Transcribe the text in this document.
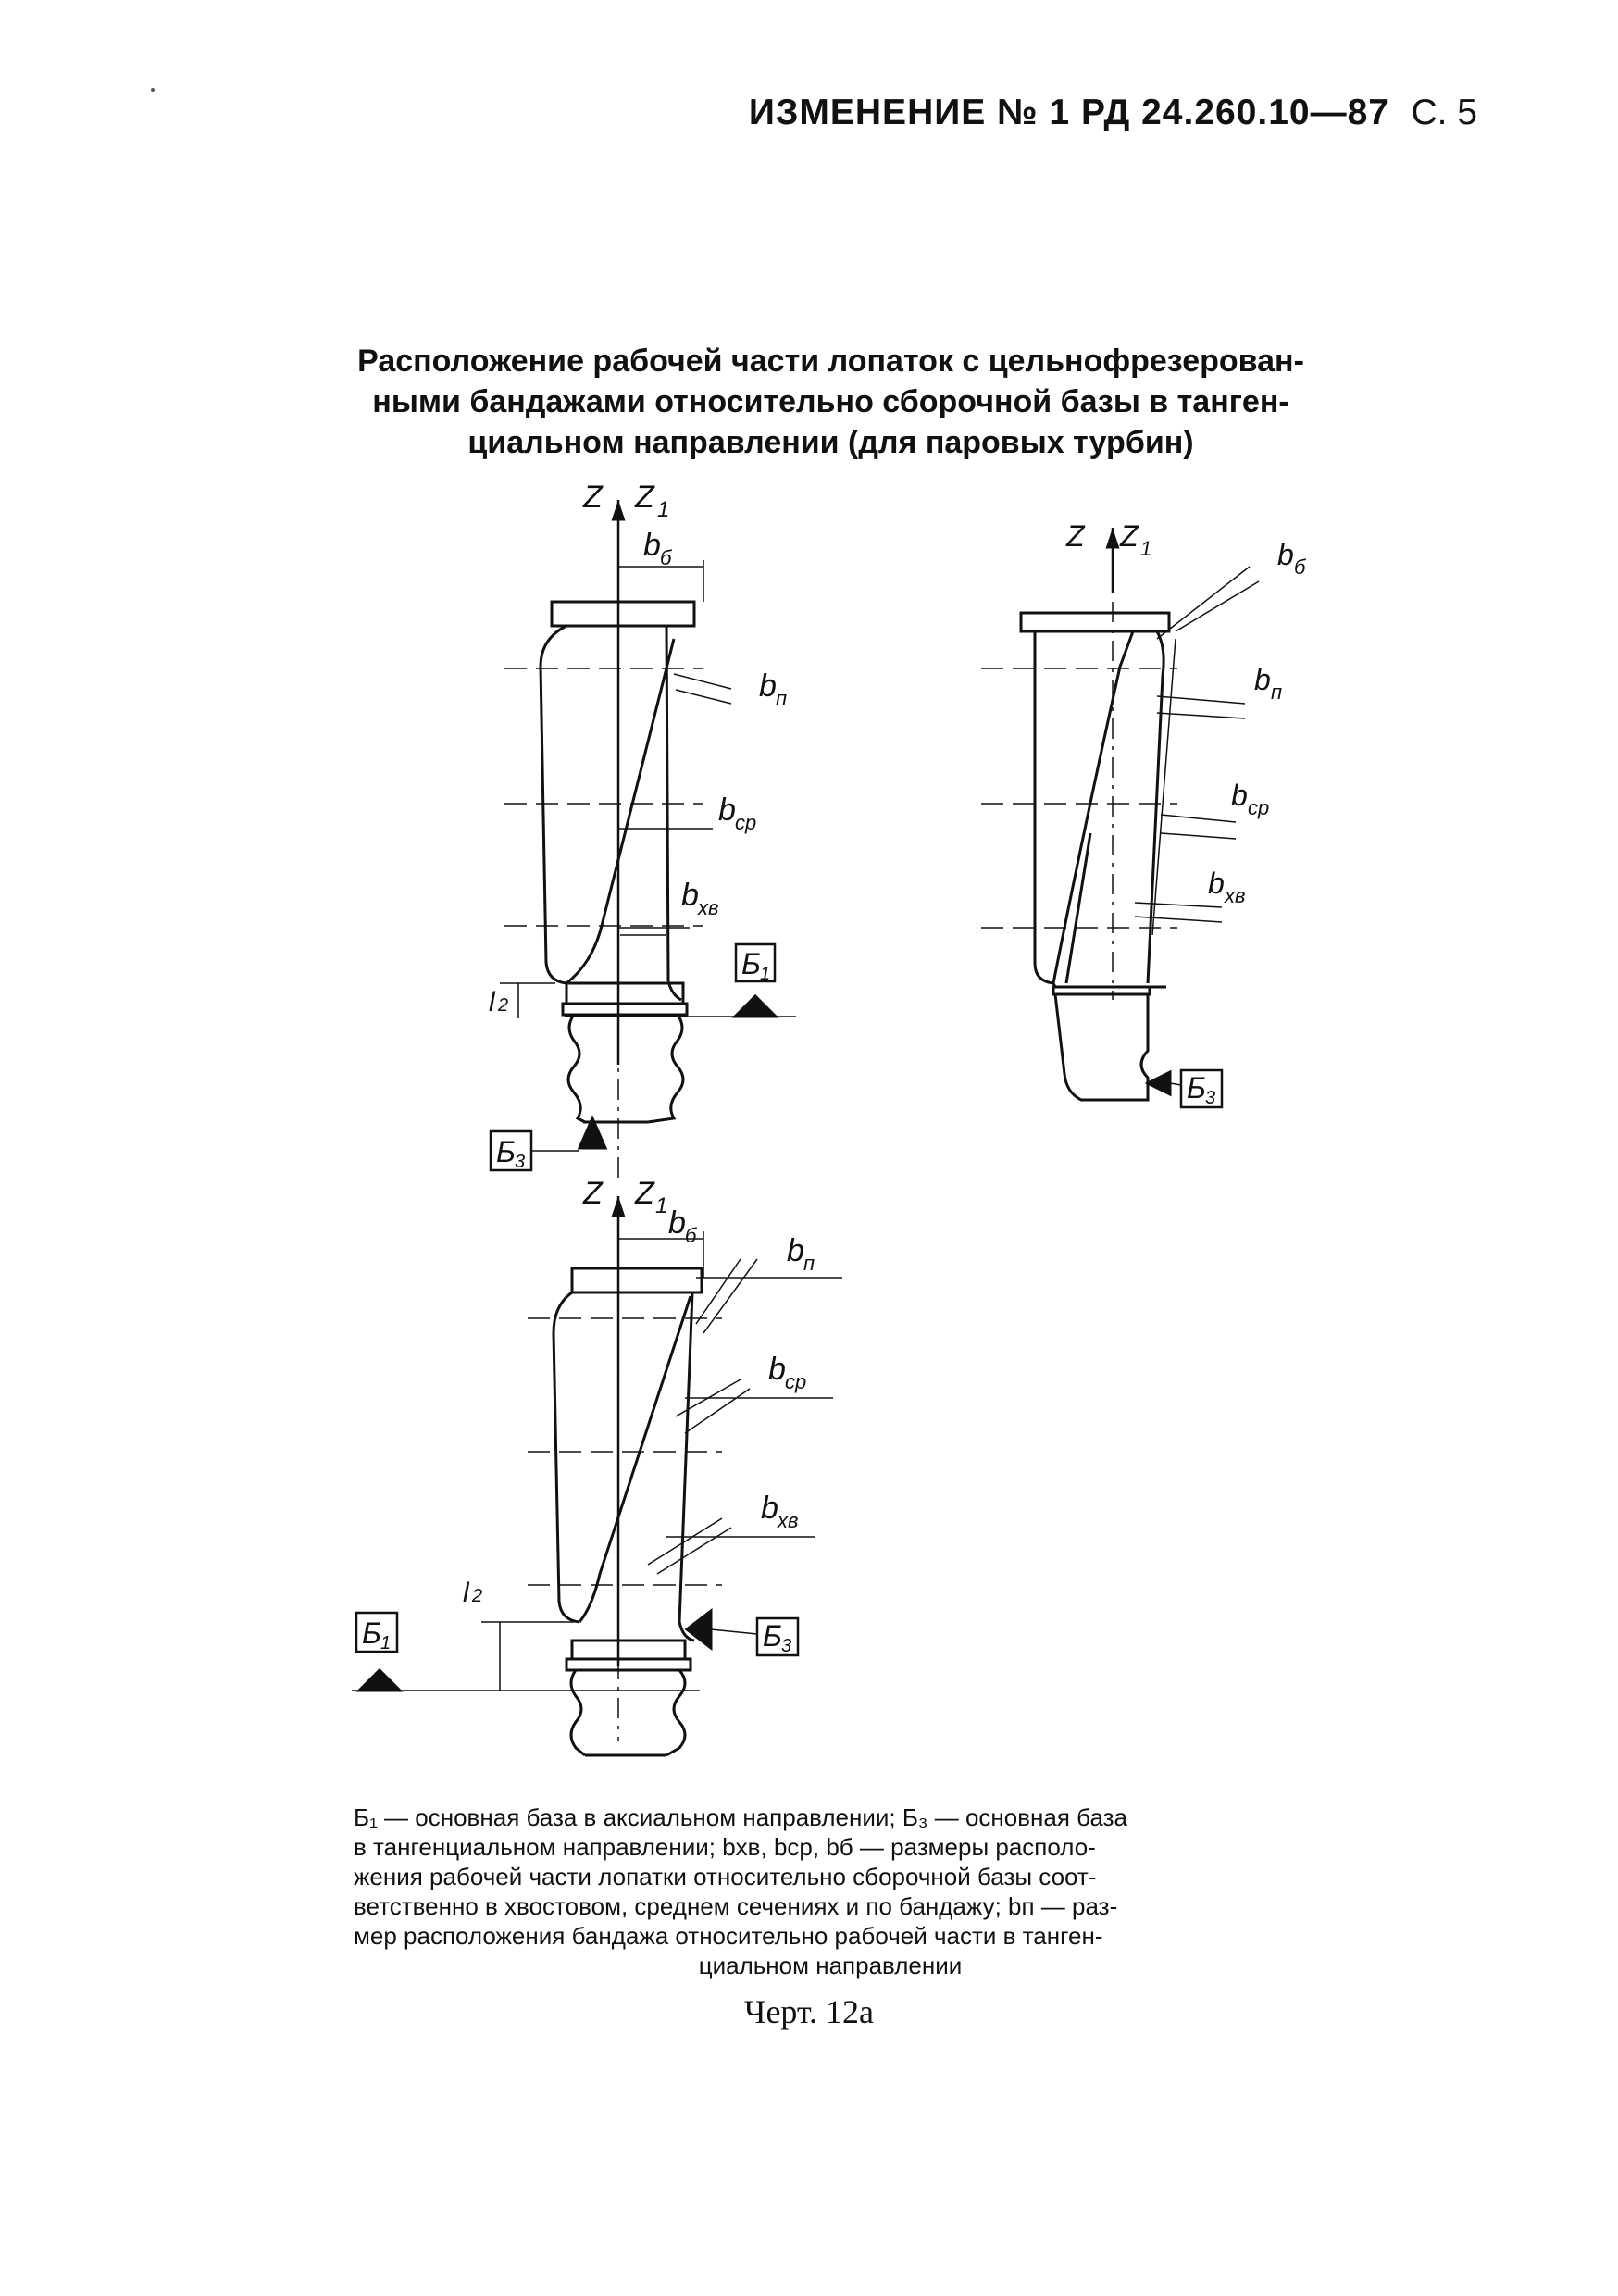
ИЗМЕНЕНИЕ № 1 РД 24.260.10—87 С. 5
Расположение рабочей части лопаток с цельнофрезерован-
ными бандажами относительно сборочной базы в танген-
циальном направлении (для паровых турбин)
Z Z 1
b б
b п
b ср
b хв
Б 1
l 2
Б 3
Z Z 1	b б
b п
b ср
b хв
Б 3
Z Z 1 b б	b п
b ср
b хв
Б 1
l 2
Б 3
Б₁ — основная база в аксиальном направлении; Б₃ — основная база
в тангенциальном направлении; bхв, bср, bб — размеры располо-
жения рабочей части лопатки относительно сборочной базы соот-
ветственно в хвостовом, среднем сечениях и по бандажу; bп — раз-
мер расположения бандажа относительно рабочей части в танген-
циальном направлении
Черт. 12а
